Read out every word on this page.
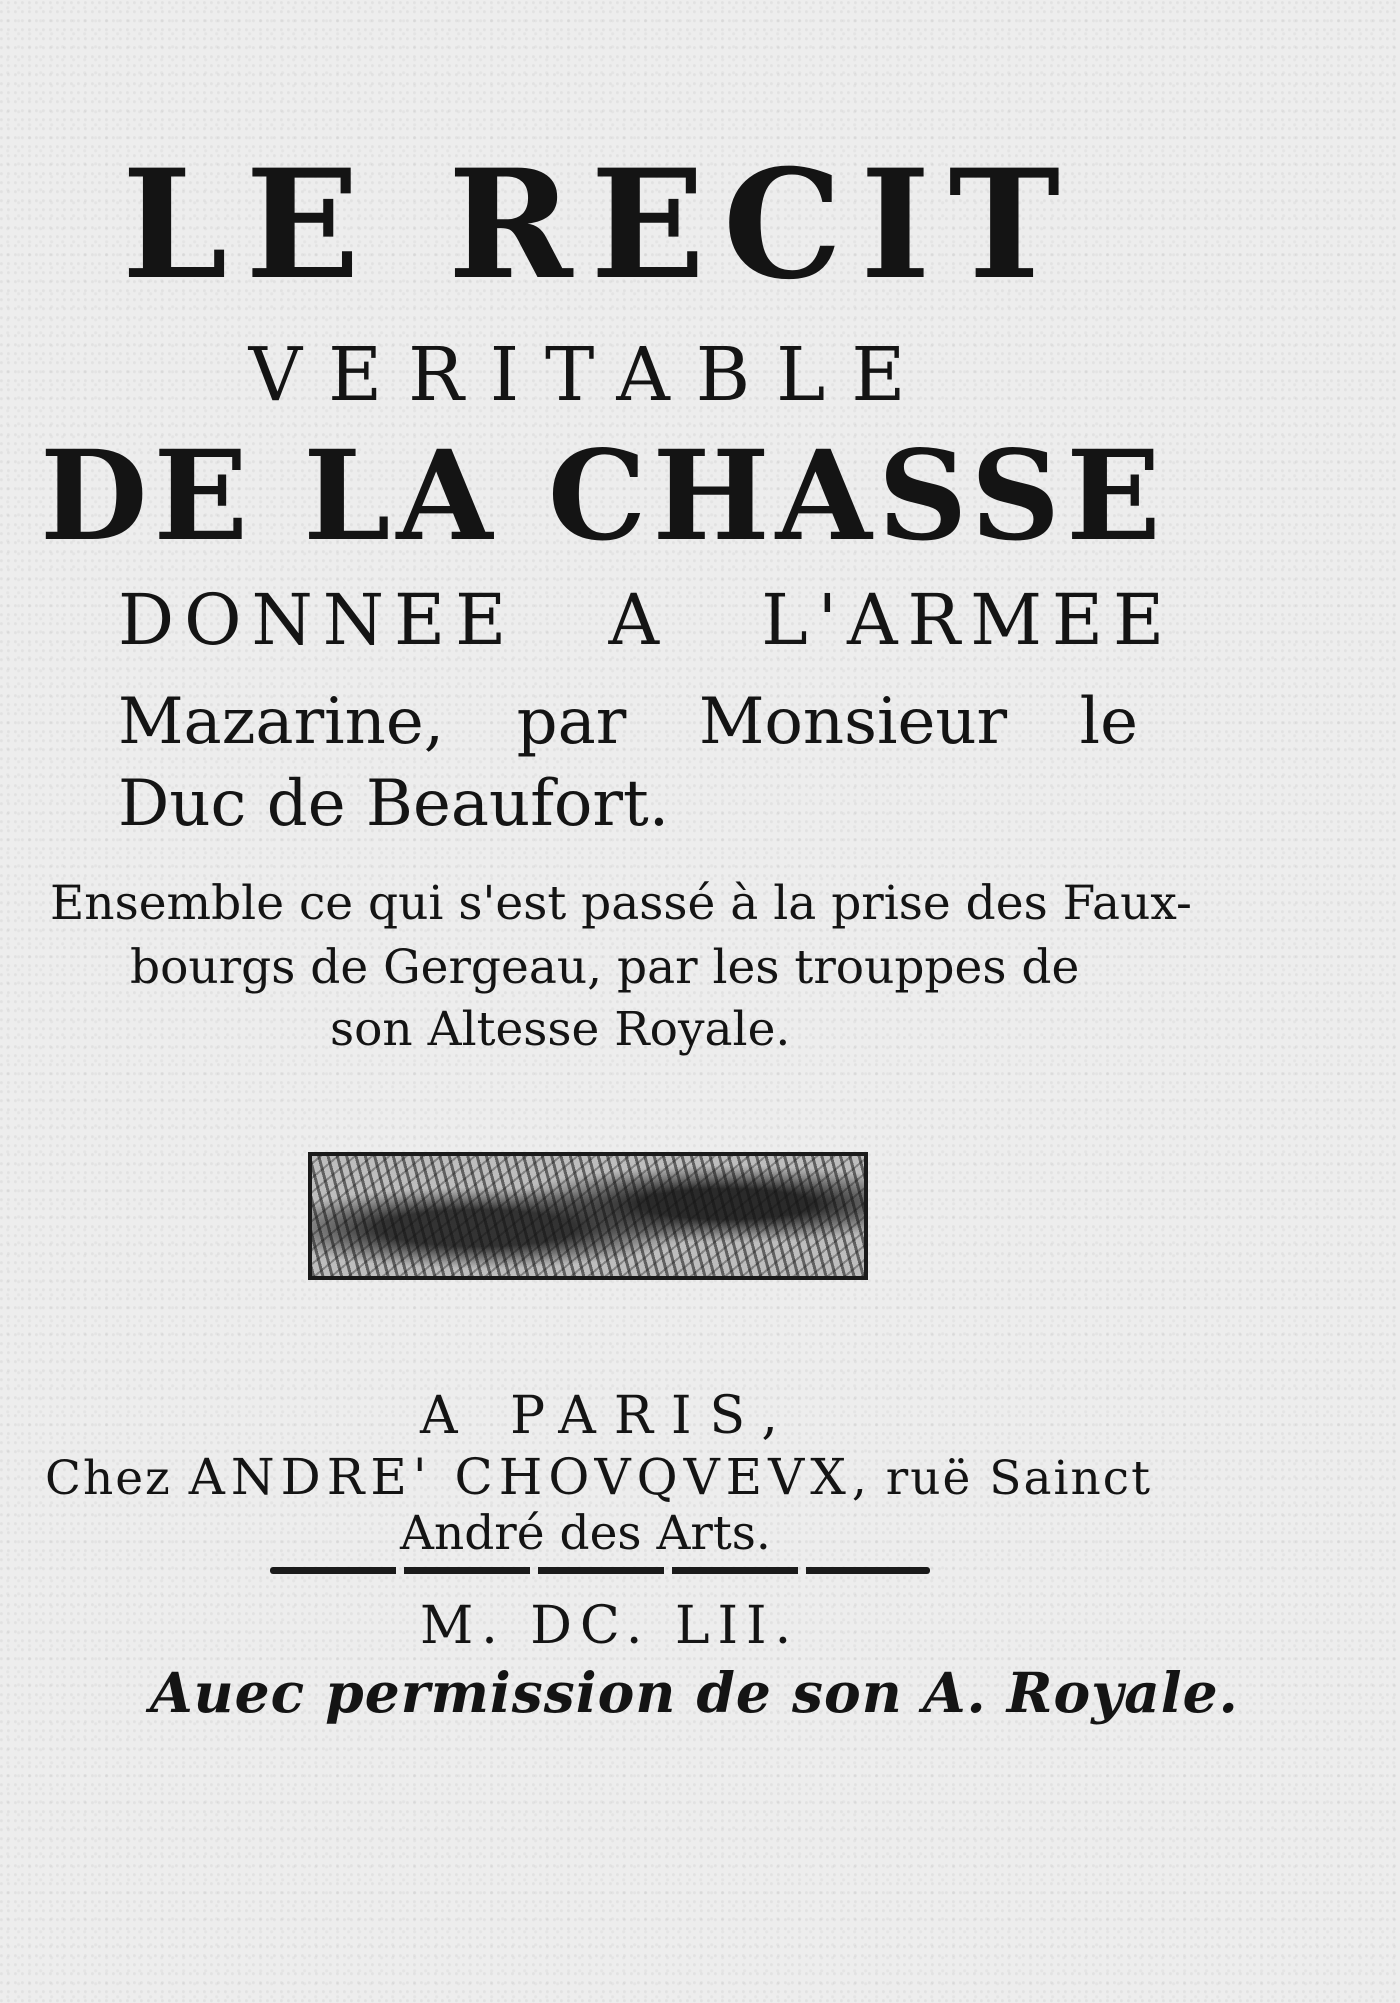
LE RECIT

VERITABLE

DE LA CHASSE

DONNEE A L'ARMEE

Mazarine, par Monsieur le

Duc de Beaufort.

Ensemble ce qui s'est passé à la prise des Faux-

bourgs de Gergeau, par les trouppes de

son Altesse Royale.

A PARIS,

Chez ANDRE' CHOVQVEVX, ruë Sainct

André des Arts.

M. DC. LII.

Auec permission de son A. Royale.
